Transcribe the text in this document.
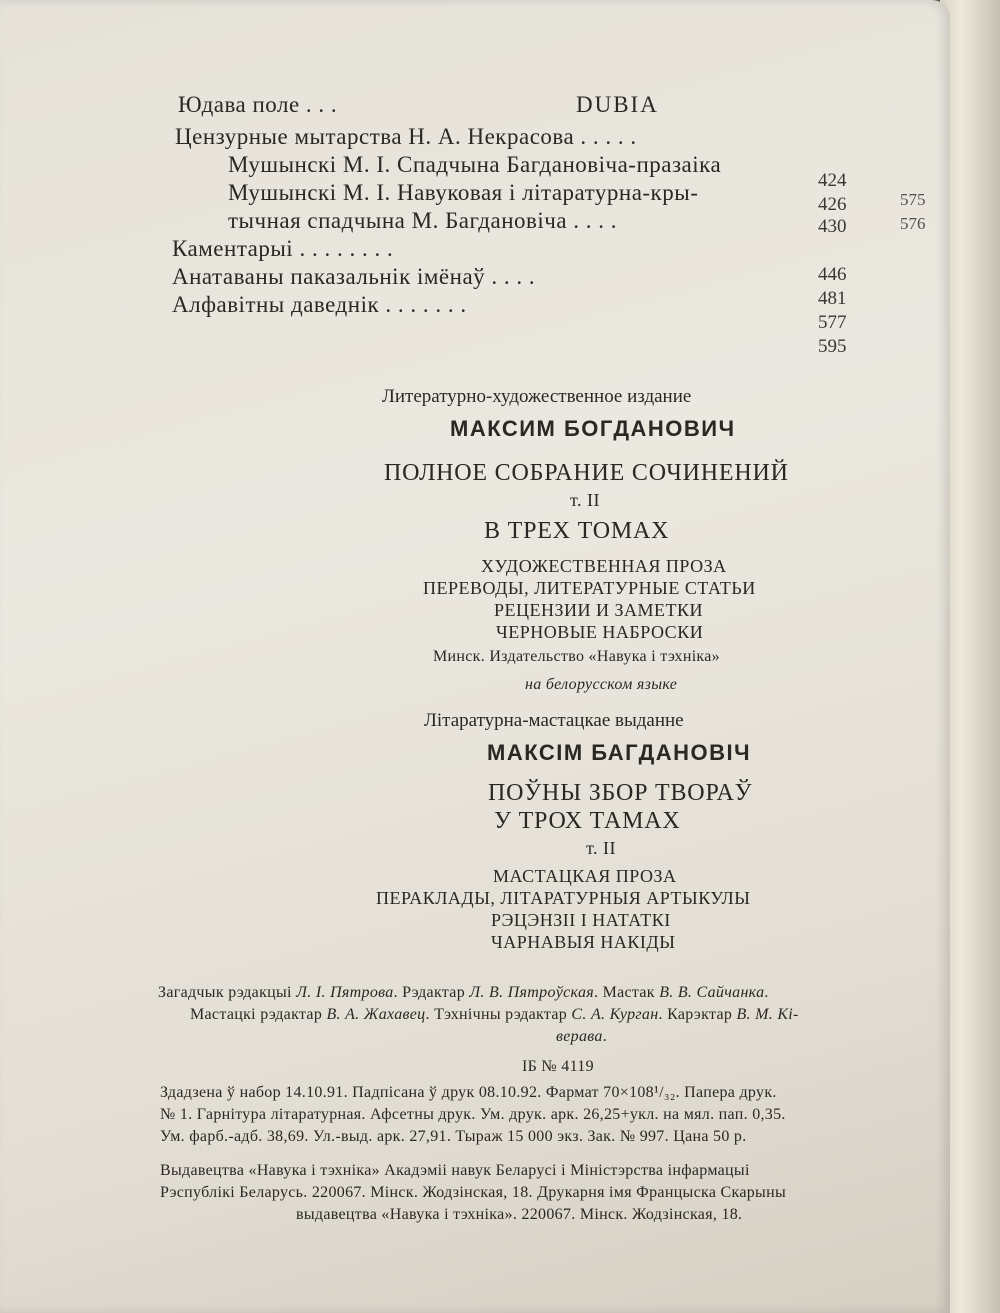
DUBIA
Юдава поле . . .
Цензурные мытарства Н. А. Некрасова . . . . .
Мушынскі М. І. Спадчына Багдановіча-празаіка
Мушынскі М. І. Навуковая і літаратурна-кры-
тычная спадчына М. Багдановіча . . . .
Каментарыі . . . . . . . .
Анатаваны паказальнік імёнаў . . . .
Алфавітны даведнік . . . . . . .
424
426
430
446
481
577
595
575
576
Литературно-художественное издание
МАКСИМ БОГДАНОВИЧ
ПОЛНОЕ СОБРАНИЕ СОЧИНЕНИЙ
т. II
В ТРЕХ ТОМАХ
ХУДОЖЕСТВЕННАЯ ПРОЗА
ПЕРЕВОДЫ, ЛИТЕРАТУРНЫЕ СТАТЬИ
РЕЦЕНЗИИ И ЗАМЕТКИ
ЧЕРНОВЫЕ НАБРОСКИ
Минск. Издательство «Навука і тэхніка»
на белорусском языке
Літаратурна-мастацкае выданне
МАКСІМ БАГДАНОВІЧ
ПОЎНЫ ЗБОР ТВОРАЎ
У ТРОХ ТАМАХ
т. II
МАСТАЦКАЯ ПРОЗА
ПЕРАКЛАДЫ, ЛІТАРАТУРНЫЯ АРТЫКУЛЫ
РЭЦЭНЗІІ І НАТАТКІ
ЧАРНАВЫЯ НАКІДЫ
Загадчык рэдакцыі Л. І. Пятрова. Рэдактар Л. В. Пятроўская. Мастак В. В. Сайчанка.
Мастацкі рэдактар В. А. Жахавец. Тэхнічны рэдактар С. А. Курган. Карэктар В. М. Кі-
верава.
ІБ № 4119
Здадзена ў набор 14.10.91. Падпісана ў друк 08.10.92. Фармат 70×108¹/₃₂. Папера друк.
№ 1. Гарнітура літаратурная. Афсетны друк. Ум. друк. арк. 26,25+укл. на мял. пап. 0,35.
Ум. фарб.-адб. 38,69. Ул.-выд. арк. 27,91. Тыраж 15 000 экз. Зак. № 997. Цана 50 р.
Выдавецтва «Навука і тэхніка» Акадэміі навук Беларусі і Міністэрства інфармацыі
Рэспублікі Беларусь. 220067. Мінск. Жодзінская, 18. Друкарня імя Францыска Скарыны
выдавецтва «Навука і тэхніка». 220067. Мінск. Жодзінская, 18.
